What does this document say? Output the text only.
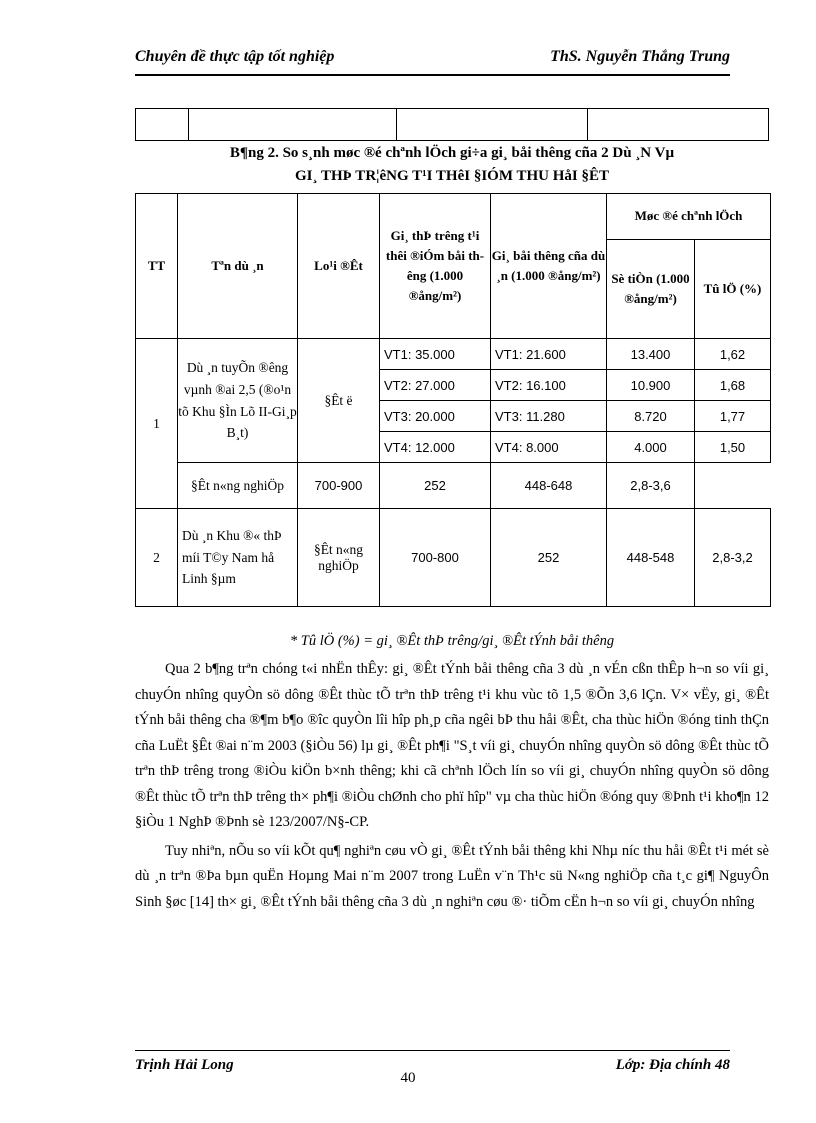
Chuyên đề thực tập tốt nghiệp	ThS. Nguyễn Thắng Trung

B¶ng 2. So s¸nh møc ®é chªnh lÖch gi÷a gi¸ båi thêng cña 2 Dù ¸N Vµ
GI¸ THÞ TR¦êNG T¹I THêI §IÓM THU HåI §ÊT
TT	Tªn dù ¸n	Lo¹i ®Êt	Gi¸ thÞ trêng t¹i thêi ®iÓm båi thêng (1.000 ®ång/m²)	Gi¸ båi thêng cña dù ¸n (1.000 ®ång/m²)	Møc ®é chªnh lÖch	
					Sè tiÒn (1.000 ®ång/m²)	Tû lÖ (%)
1	Dù ¸n tuyÕn ®êng vµnh ®ai 2,5 (®o¹n tõ Khu §Ìn Lõ II-Gi¸p B¸t)	§Êt ë	VT1: 35.000	VT1: 21.600	13.400	1,62
			VT2: 27.000	VT2: 16.100	10.900	1,68
			VT3: 20.000	VT3: 11.280	8.720	1,77
			VT4: 12.000	VT4: 8.000	4.000	1,50
	§Êt n«ng nghiÖp	700-900	252	448-648	2,8-3,6	
2	Dù ¸n Khu ®« thÞ míi T©y Nam hå Linh §µm	§Êt n«ng nghiÖp	700-800	252	448-548	2,8-3,2
* Tû lÖ (%) = gi¸ ®Êt thÞ trêng/gi¸ ®Êt tÝnh båi thêng

Qua 2 b¶ng trªn chóng t«i nhËn thÊy: gi¸ ®Êt tÝnh båi thêng cña 3 dù ¸n vÉn cßn thÊp h¬n so víi gi¸ chuyÓn nhîng quyÒn sö dông ®Êt thùc tÕ trªn thÞ trêng t¹i khu vùc tõ 1,5 ®Õn 3,6 lÇn. V× vËy, gi¸ ®Êt tÝnh båi thêng cha ®¶m b¶o ®îc quyÒn lîi hîp ph¸p cña ngêi bÞ thu håi ®Êt, cha thùc hiÖn ®óng tinh thÇn cña LuËt §Êt ®ai n¨m 2003 (§iÒu 56) lµ gi¸ ®Êt ph¶i "S¸t víi gi¸ chuyÓn nhîng quyÒn sö dông ®Êt thùc tÕ trªn thÞ trêng trong ®iÒu kiÖn b×nh thêng; khi cã chªnh lÖch lín so víi gi¸ chuyÓn nhîng quyÒn sö dông ®Êt thùc tÕ trªn thÞ trêng th× ph¶i ®iÒu chØnh cho phï hîp" vµ cha thùc hiÖn ®óng quy ®Þnh t¹i kho¶n 12 §iÒu 1 NghÞ ®Þnh sè 123/2007/N§-CP.

Tuy nhiªn, nÕu so víi kÕt qu¶ nghiªn cøu vÒ gi¸ ®Êt tÝnh båi thêng khi Nhµ níc thu håi ®Êt t¹i mét sè dù ¸n trªn ®Þa bµn quËn Hoµng Mai n¨m 2007 trong LuËn v¨n Th¹c sü N«ng nghiÖp cña t¸c gi¶ NguyÔn Sinh §øc [14] th× gi¸ ®Êt tÝnh båi thêng cña 3 dù ¸n nghiªn cøu ®· tiÕm cËn h¬n so víi gi¸ chuyÓn nhîng

Trịnh Hải Long	Lớp: Địa chính 48
40
